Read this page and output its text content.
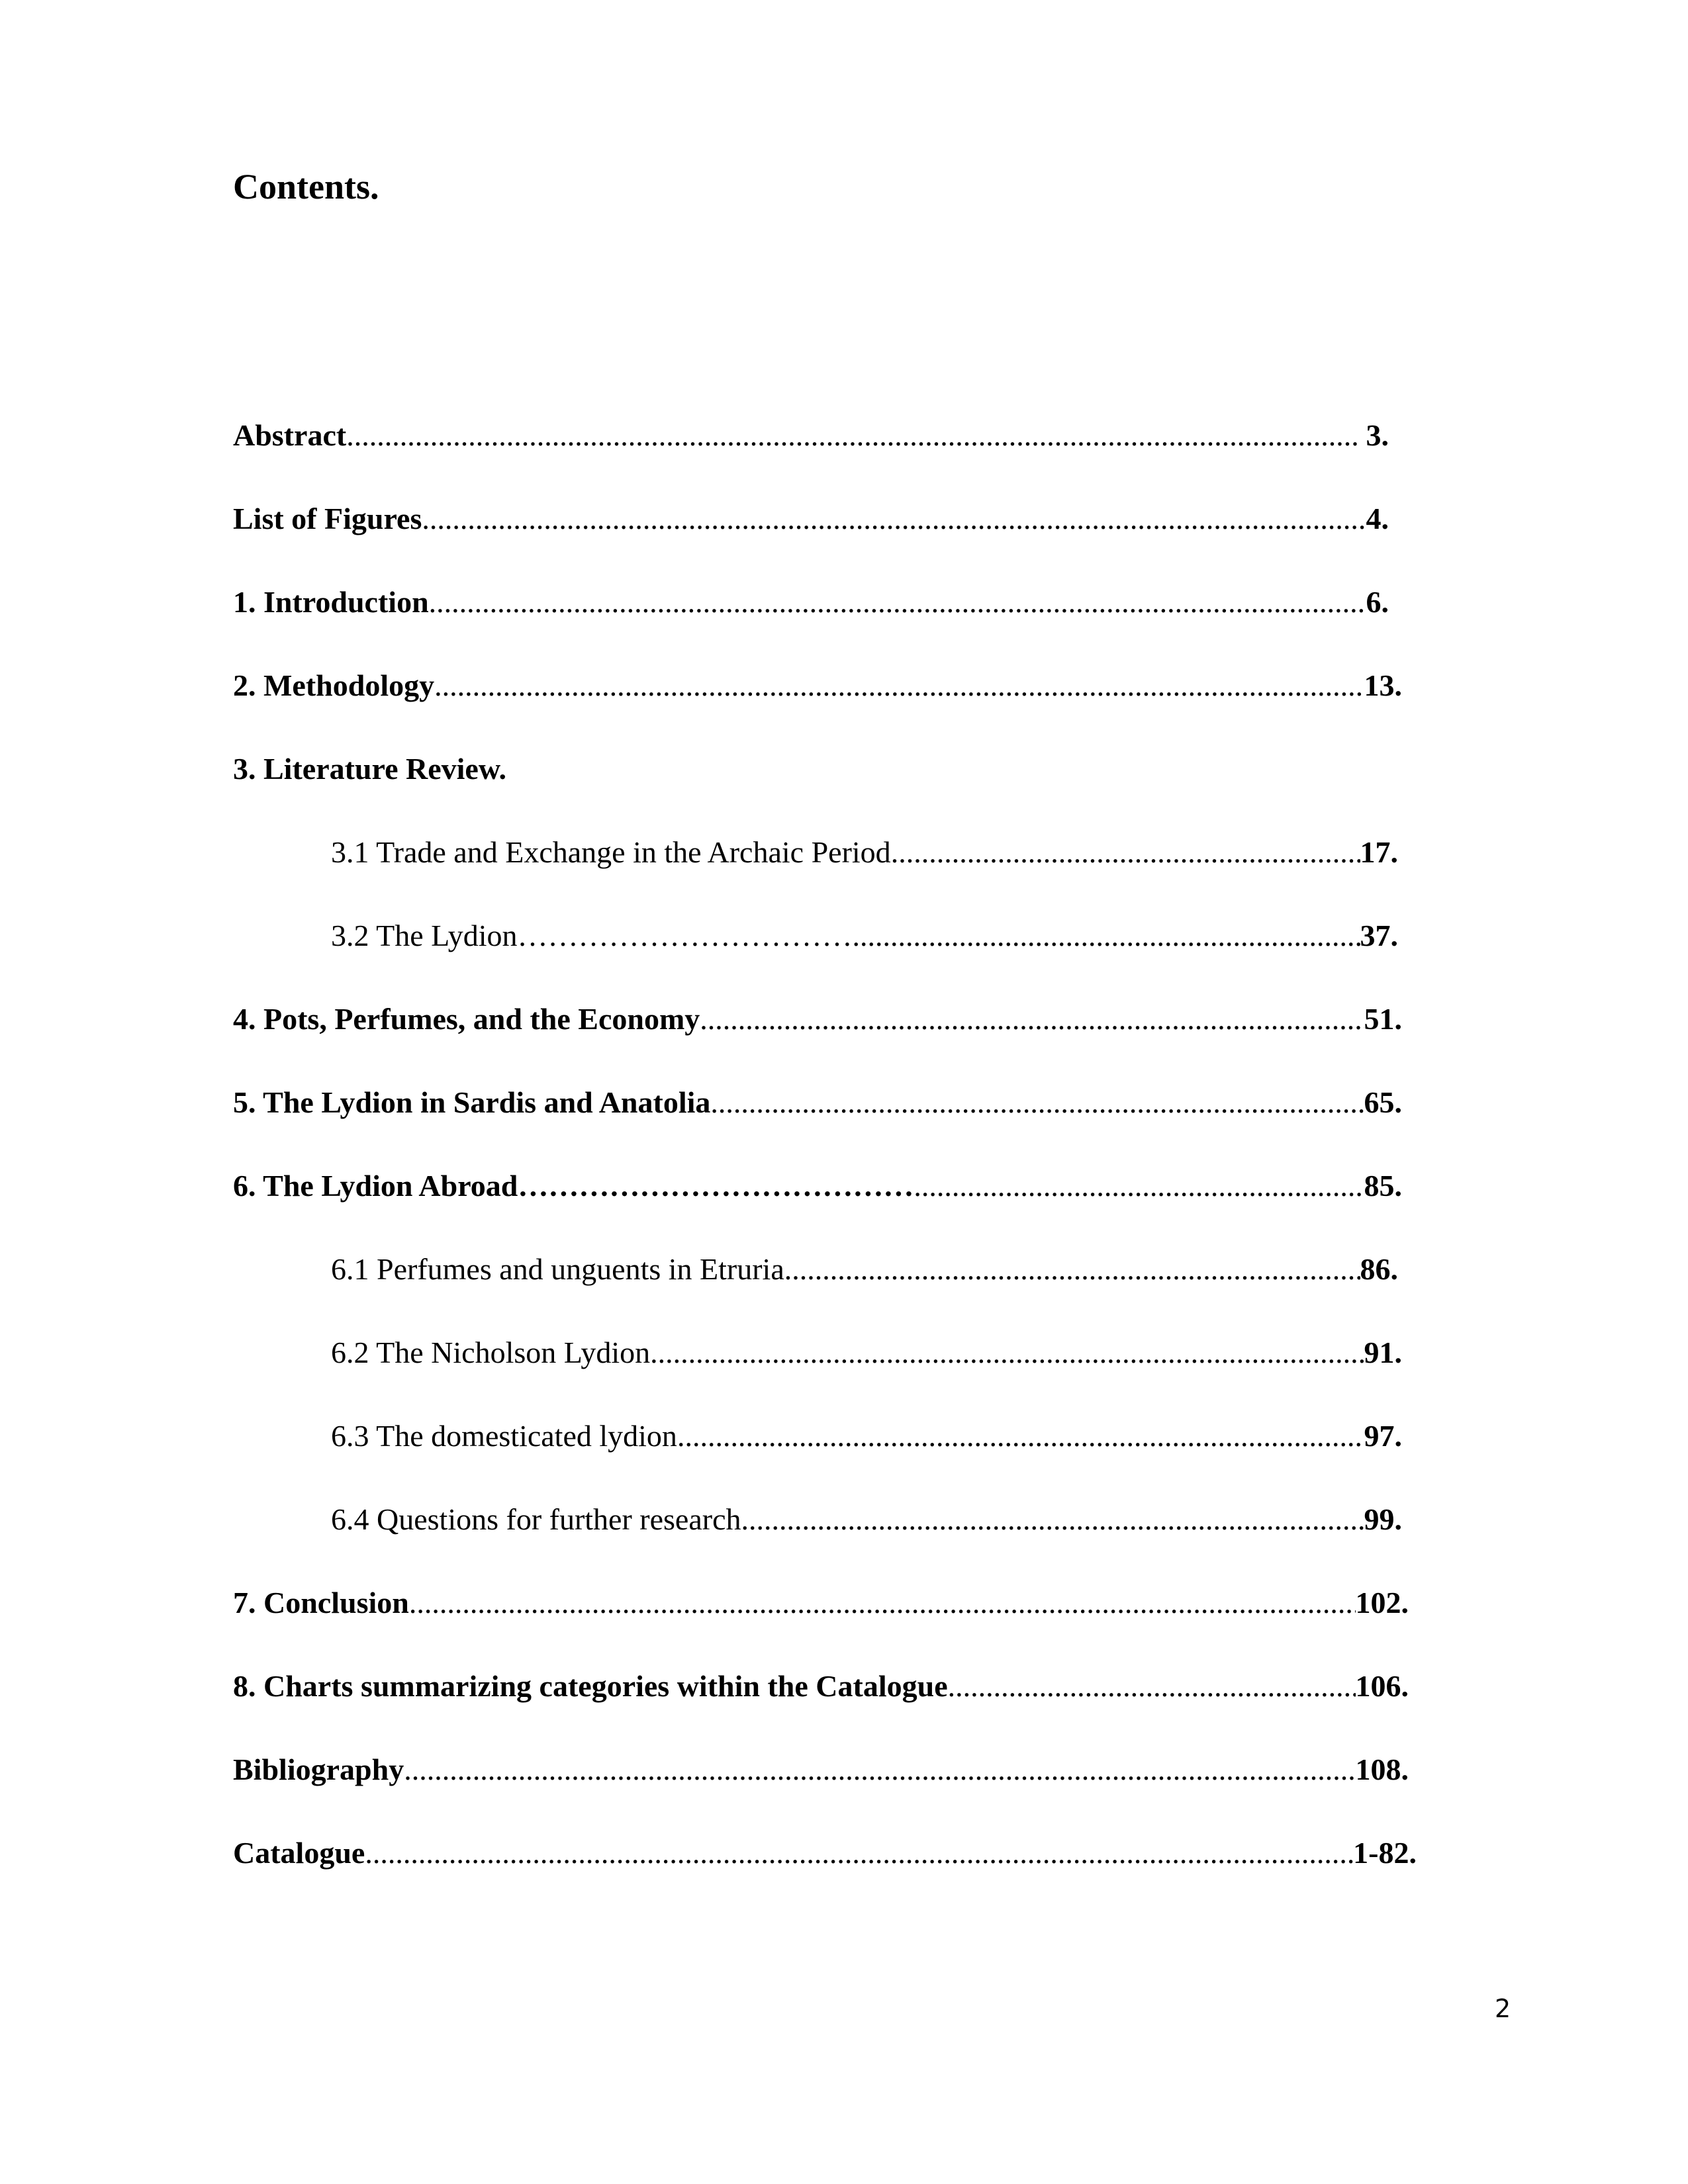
Contents.
Abstract .....	3.
List of Figures .....	4.
1. Introduction .....	6.
2. Methodology .....	13.
3. Literature Review.
3.1 Trade and Exchange in the Archaic Period .....	17.
3.2 The Lydion…………………………… .....	37.
4. Pots, Perfumes, and the Economy .....	51.
5. The Lydion in Sardis and Anatolia .....	65.
6. The Lydion Abroad………………………………… .....	85.
6.1 Perfumes and unguents in Etruria .....	86.
6.2 The Nicholson Lydion .....	91.
6.3 The domesticated lydion .....	97.
6.4 Questions for further research .....	99.
7. Conclusion .....	102.
8. Charts summarizing categories within the Catalogue .....	106.
Bibliography .....	108.
Catalogue .....	1-82.
2
